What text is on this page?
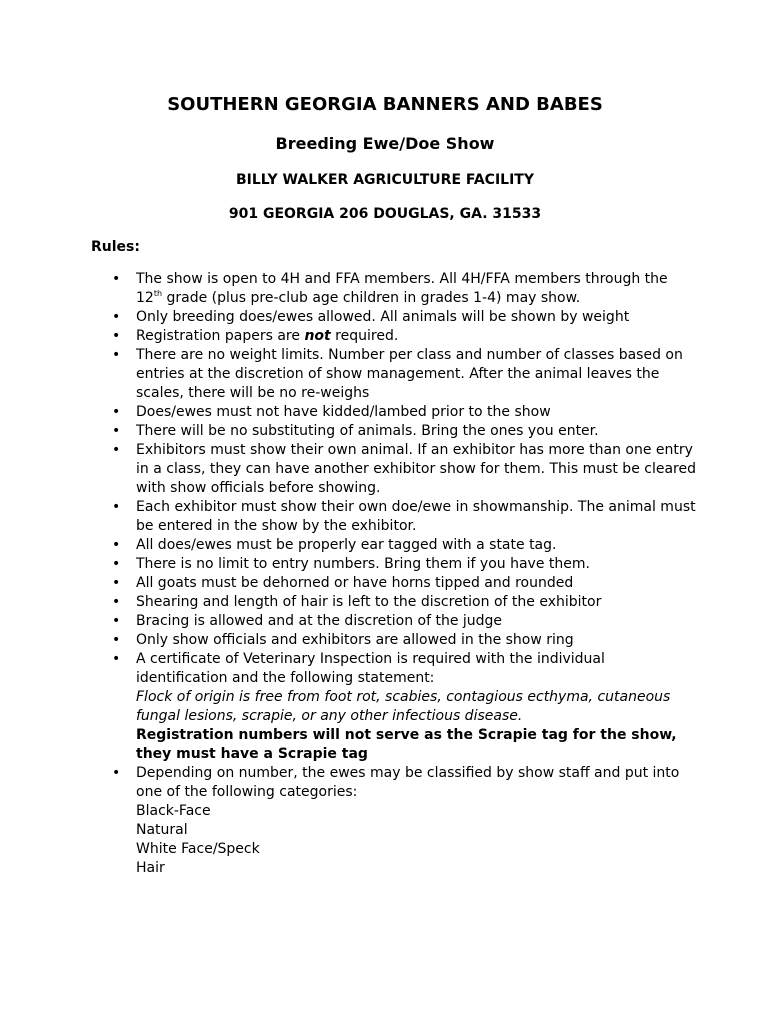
SOUTHERN GEORGIA BANNERS AND BABES
Breeding Ewe/Doe Show
BILLY WALKER AGRICULTURE FACILITY
901 GEORGIA 206 DOUGLAS, GA. 31533
Rules:
• The show is open to 4H and FFA members. All 4H/FFA members through the 12th grade (plus pre-club age children in grades 1-4) may show.
• Only breeding does/ewes allowed. All animals will be shown by weight
• Registration papers are not required.
• There are no weight limits. Number per class and number of classes based on entries at the discretion of show management. After the animal leaves the scales, there will be no re-weighs
• Does/ewes must not have kidded/lambed prior to the show
• There will be no substituting of animals. Bring the ones you enter.
• Exhibitors must show their own animal. If an exhibitor has more than one entry in a class, they can have another exhibitor show for them. This must be cleared with show officials before showing.
• Each exhibitor must show their own doe/ewe in showmanship. The animal must be entered in the show by the exhibitor.
• All does/ewes must be properly ear tagged with a state tag.
• There is no limit to entry numbers. Bring them if you have them.
• All goats must be dehorned or have horns tipped and rounded
• Shearing and length of hair is left to the discretion of the exhibitor
• Bracing is allowed and at the discretion of the judge
• Only show officials and exhibitors are allowed in the show ring
• A certificate of Veterinary Inspection is required with the individual identification and the following statement:
Flock of origin is free from foot rot, scabies, contagious ecthyma, cutaneous fungal lesions, scrapie, or any other infectious disease.
Registration numbers will not serve as the Scrapie tag for the show, they must have a Scrapie tag
• Depending on number, the ewes may be classified by show staff and put into one of the following categories:
Black-Face
Natural
White Face/Speck
Hair
